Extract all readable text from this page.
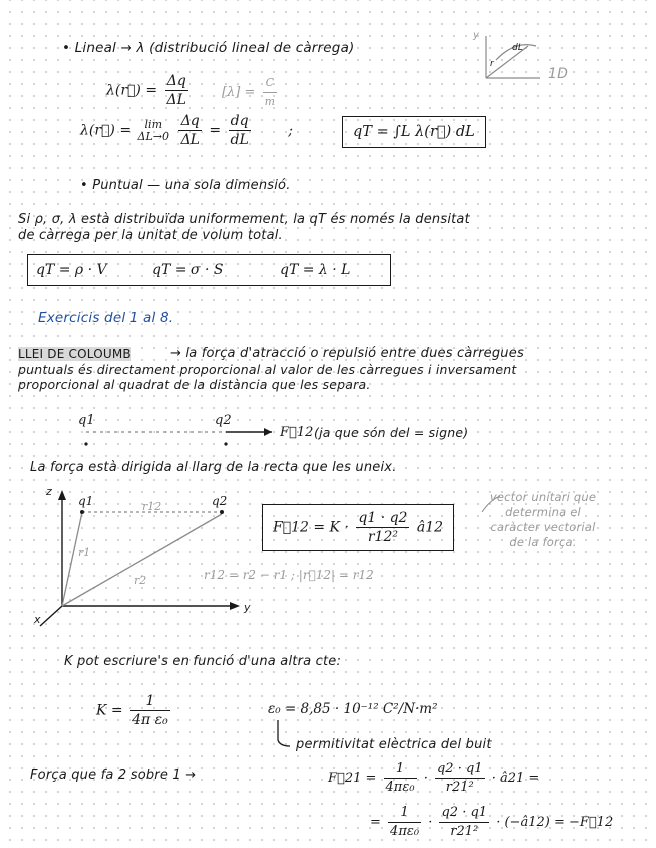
• Lineal → λ (distribució lineal de càrrega)
λ(r⃗) = $\frac{\Delta q}{\Delta L}$	$[\lambda] = \frac{C}{m}$
y
r
dL
1D
λ(r⃗) =	lim
ΔL→0
$\frac{\Delta q}{\Delta L} = \frac{dq}{dL}$	;	qT = ∫L λ(r⃗) dL
• Puntual — una sola dimensió.
Si ρ, σ, λ està distribuïda uniformement, la qT és només la densitat
de càrrega per la unitat de volum total.
qT = ρ · V	qT = σ · S	qT = λ · L
Exercicis del 1 al 8.
LLEI DE COLOUMB	→ la força d'atracció o repulsió entre dues càrregues
puntuals és directament proporcional al valor de les càrregues i inversament
proporcional al quadrat de la distància que les separa.
q1	q2
F⃗12 (ja que són del = signe)
La força està dirigida al llarg de la recta que les uneix.
z
q1	q2
r12
r1
r2
y
x
F⃗12 = $K \cdot \frac{q1 \cdot q2}{\text{r12²}}$ â12
vector unitari que
determina el
caràcter vectorial
de la força.
r12 = r2 − r1 ; |r⃗12| = r12
K pot escriure's en funció d'una altra cte:
$K = \frac{1}{\text{4π ε₀}}$	ε₀ = 8,85 · 10⁻¹² C²/N·m²
permitivitat elèctrica del buit
Força que fa 2 sobre 1 →	F⃗21 = $\frac{1}{\text{4πε₀}} \cdot \frac{q2 \cdot q1}{\text{r21²}}$ · â21 =
= $\frac{1}{\text{4πε₀}} \cdot \frac{q2 \cdot q1}{\text{r21²}}$ · (−â12) = −F⃗12
